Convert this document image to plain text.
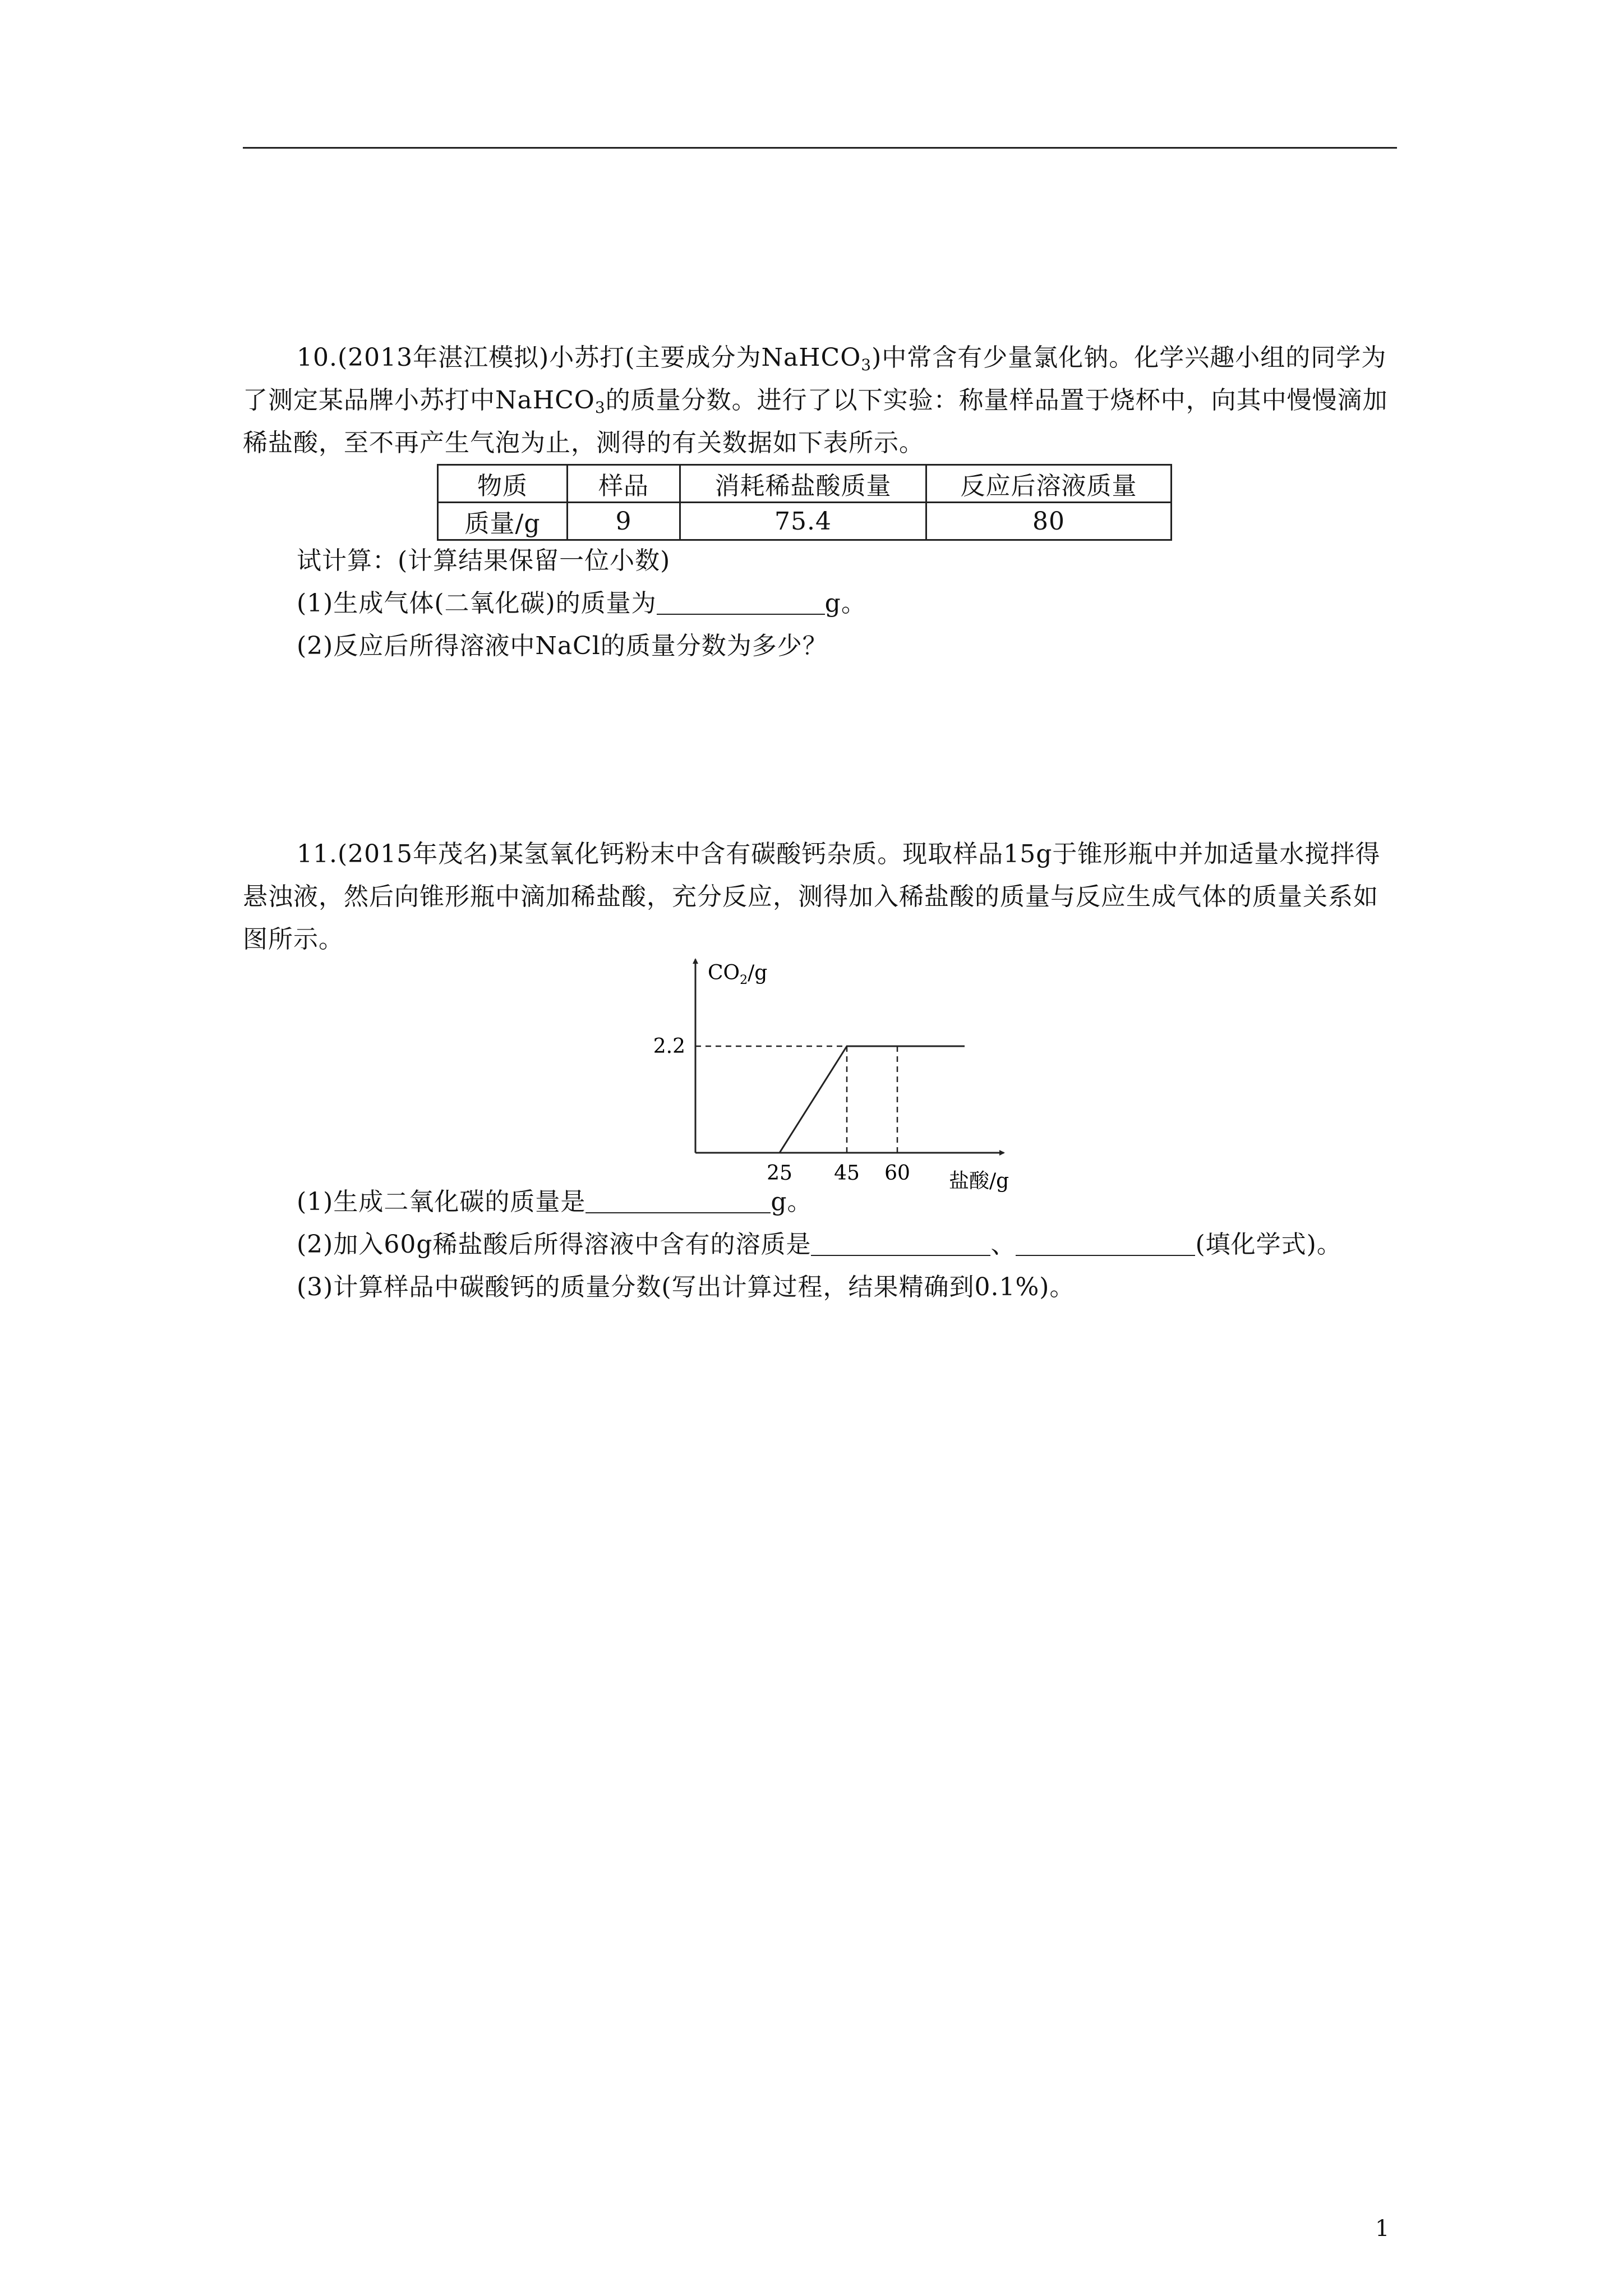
10.(2013年湛江模拟)小苏打(主要成分为NaHCO$_3$)中常含有少量氯化钠。化学兴趣小组的同学为了测定某品牌小苏打中NaHCO$_3$的质量分数。进行了以下实验：称量样品置于烧杯中，向其中慢慢滴加稀盐酸，至不再产生气泡为止，测得的有关数据如下表所示。

物质	样品	消耗稀盐酸质量	反应后溶液质量
质量/g	9	75.4	80

试计算：(计算结果保留一位小数)

(1)生成气体(二氧化碳)的质量为	g。

(2)反应后所得溶液中NaCl的质量分数为多少？

11.(2015年茂名)某氢氧化钙粉末中含有碳酸钙杂质。现取样品15g于锥形瓶中并加适量水搅拌得悬浊液，然后向锥形瓶中滴加稀盐酸，充分反应，测得加入稀盐酸的质量与反应生成气体的质量关系如图所示。

$CO_2/g$
盐酸/g
25 45 60
2.2

(1)生成二氧化碳的质量是	g。

(2)加入60g稀盐酸后所得溶液中含有的溶质是	、	(填化学式)。

(3)计算样品中碳酸钙的质量分数(写出计算过程，结果精确到0.1%)。

1
